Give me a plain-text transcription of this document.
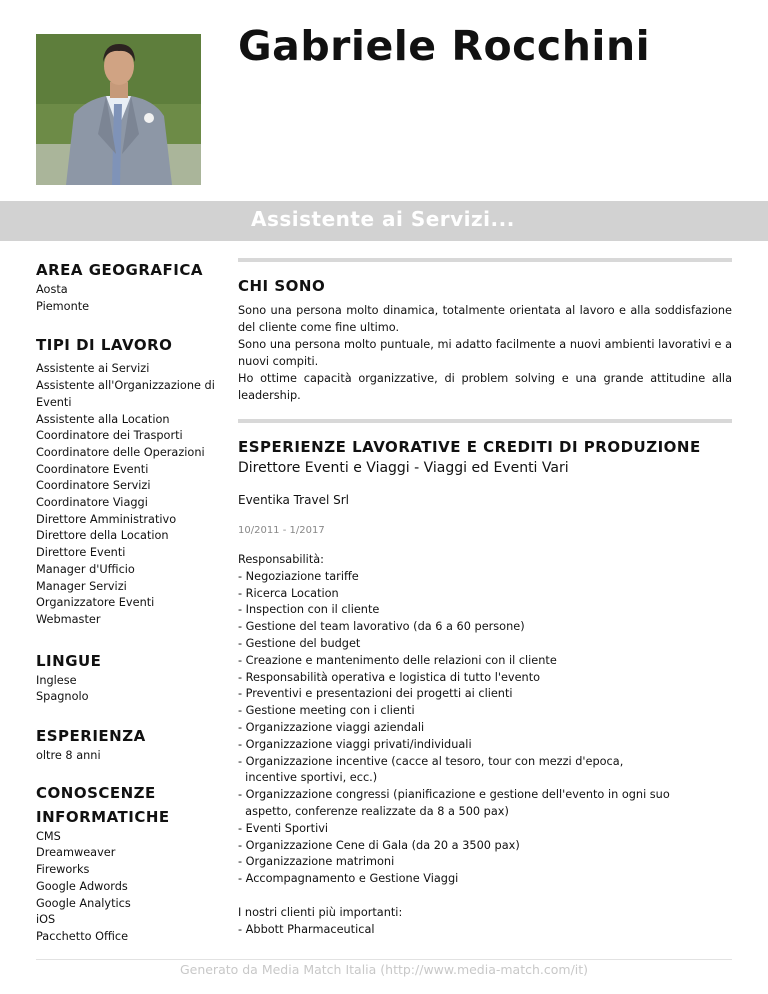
Gabriele Rocchini
Assistente ai Servizi...
AREA GEOGRAFICA
Aosta
Piemonte
TIPI DI LAVORO
Assistente ai Servizi
Assistente all'Organizzazione di
Eventi
Assistente alla Location
Coordinatore dei Trasporti
Coordinatore delle Operazioni
Coordinatore Eventi
Coordinatore Servizi
Coordinatore Viaggi
Direttore Amministrativo
Direttore della Location
Direttore Eventi
Manager d'Ufficio
Manager Servizi
Organizzatore Eventi
Webmaster
LINGUE
Inglese
Spagnolo
ESPERIENZA
oltre 8 anni
CONOSCENZE
INFORMATICHE
CMS
Dreamweaver
Fireworks
Google Adwords
Google Analytics
iOS
Pacchetto Office
CHI SONO
Sono una persona molto dinamica, totalmente orientata al lavoro e alla soddisfazione del cliente come fine ultimo.
Sono una persona molto puntuale, mi adatto facilmente a nuovi ambienti lavorativi e a nuovi compiti.
Ho ottime capacità organizzative, di problem solving e una grande attitudine alla leadership.
ESPERIENZE LAVORATIVE E CREDITI DI PRODUZIONE
Direttore Eventi e Viaggi - Viaggi ed Eventi Vari
Eventika Travel Srl
10/2011 - 1/2017
Responsabilità:
- Negoziazione tariffe
- Ricerca Location
- Inspection con il cliente
- Gestione del team lavorativo (da 6 a 60 persone)
- Gestione del budget
- Creazione e mantenimento delle relazioni con il cliente
- Responsabilità operativa e logistica di tutto l'evento
- Preventivi e presentazioni dei progetti ai clienti
- Gestione meeting con i clienti
- Organizzazione viaggi aziendali
- Organizzazione viaggi privati/individuali
- Organizzazione incentive (cacce al tesoro, tour con mezzi d'epoca,
incentive sportivi, ecc.)
- Organizzazione congressi (pianificazione e gestione dell'evento in ogni suo
aspetto, conferenze realizzate da 8 a 500 pax)
- Eventi Sportivi
- Organizzazione Cene di Gala (da 20 a 3500 pax)
- Organizzazione matrimoni
- Accompagnamento e Gestione Viaggi
I nostri clienti più importanti:
- Abbott Pharmaceutical
Generato da Media Match Italia (http://www.media-match.com/it)
